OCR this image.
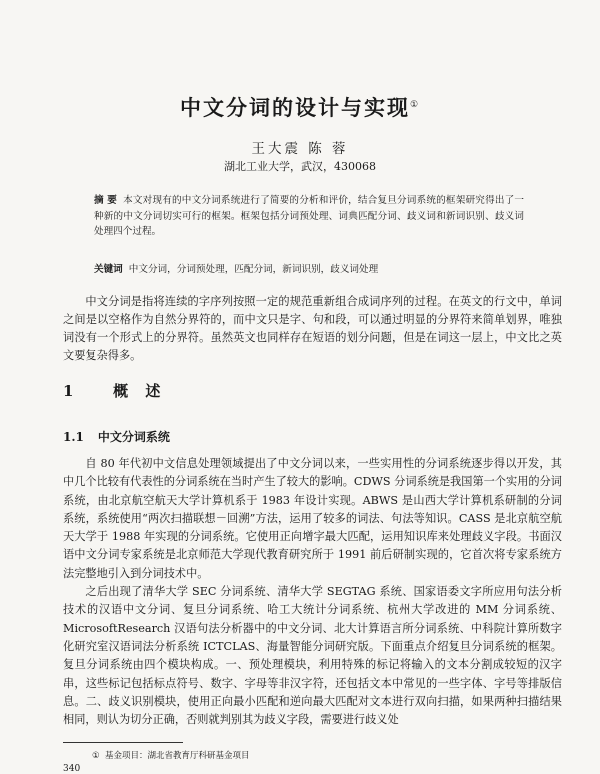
中文分词的设计与实现①
王大震 陈 蓉
湖北工业大学，武汉，430068
摘 要 本文对现有的中文分词系统进行了简要的分析和评价，结合复旦分词系统的框架研究得出了一种新的中文分词切实可行的框架。框架包括分词预处理、词典匹配分词、歧义词和新词识别、歧义词处理四个过程。
关键词 中文分词，分词预处理，匹配分词，新词识别，歧义词处理

中文分词是指将连续的字序列按照一定的规范重新组合成词序列的过程。在英文的行文中，单词之间是以空格作为自然分界符的，而中文只是字、句和段，可以通过明显的分界符来简单划界，唯独词没有一个形式上的分界符。虽然英文也同样存在短语的划分问题，但是在词这一层上，中文比之英文要复杂得多。

1 概 述
1.1 中文分词系统

自 80 年代初中文信息处理领域提出了中文分词以来，一些实用性的分词系统逐步得以开发，其中几个比较有代表性的分词系统在当时产生了较大的影响。CDWS 分词系统是我国第一个实用的分词系统，由北京航空航天大学计算机系于 1983 年设计实现。ABWS 是山西大学计算机系研制的分词系统，系统使用“两次扫描联想－回溯”方法，运用了较多的词法、句法等知识。CASS 是北京航空航天大学于 1988 年实现的分词系统。它使用正向增字最大匹配，运用知识库来处理歧义字段。书面汉语中文分词专家系统是北京师范大学现代教育研究所于 1991 前后研制实现的，它首次将专家系统方法完整地引入到分词技术中。

之后出现了清华大学 SEC 分词系统、清华大学 SEGTAG 系统、国家语委文字所应用句法分析技术的汉语中文分词、复旦分词系统、哈工大统计分词系统、杭州大学改进的 MM 分词系统、MicrosoftResearch 汉语句法分析器中的中文分词、北大计算语言所分词系统、中科院计算所数字化研究室汉语词法分析系统 ICTCLAS、海量智能分词研究版。下面重点介绍复旦分词系统的框架。复旦分词系统由四个模块构成。一、预处理模块，利用特殊的标记将输入的文本分割成较短的汉字串，这些标记包括标点符号、数字、字母等非汉字符，还包括文本中常见的一些字体、字号等排版信息。二、歧义识别模块，使用正向最小匹配和逆向最大匹配对文本进行双向扫描，如果两种扫描结果相同，则认为切分正确，否则就判别其为歧义字段，需要进行歧义处

① 基金项目：湖北省教育厅科研基金项目
340
